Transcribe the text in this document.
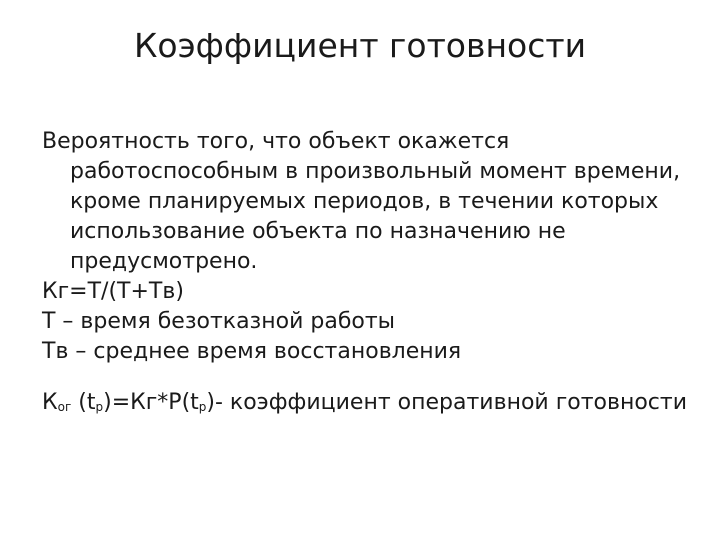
Коэффициент готовности

Вероятность того, что объект окажется работоспособным в произвольный момент времени, кроме планируемых периодов, в течении которых использование объекта по назначению не предусмотрено.

Кг=Т/(Т+Тв)

Т – время безотказной работы

Тв – среднее время восстановления

Ког (tр)=Кг*Р(tр)- коэффициент оперативной готовности
